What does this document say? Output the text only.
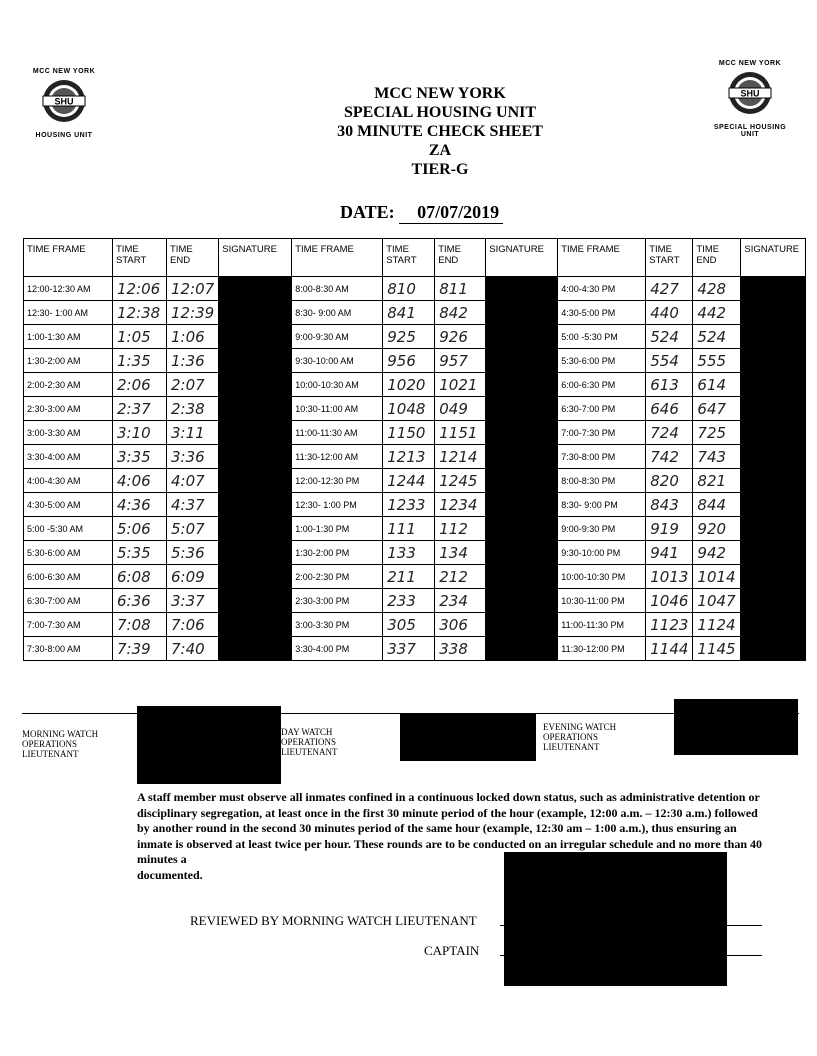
MCC NEW YORK
SHU
HOUSING UNIT
MCC NEW YORK
SHU
SPECIAL HOUSING UNIT
MCC NEW YORK
SPECIAL HOUSING UNIT
30 MINUTE CHECK SHEET
ZA
TIER-G
DATE: 07/07/2019
TIME FRAME	TIME START	TIME END	SIGNATURE	TIME FRAME	TIME START	TIME END	SIGNATURE	TIME FRAME	TIME START	TIME END	SIGNATURE
12:00-12:30 AM	12:06	12:07		8:00-8:30 AM	810	811		4:00-4:30 PM	427	428	
12:30- 1:00 AM	12:38	12:39		8:30- 9:00 AM	841	842		4:30-5:00 PM	440	442	
1:00-1:30 AM	1:05	1:06		9:00-9:30 AM	925	926		5:00 -5:30 PM	524	524	
1:30-2:00 AM	1:35	1:36		9:30-10:00 AM	956	957		5:30-6:00 PM	554	555	
2:00-2:30 AM	2:06	2:07		10:00-10:30 AM	1020	1021		6:00-6:30 PM	613	614	
2:30-3:00 AM	2:37	2:38		10:30-11:00 AM	1048	049		6:30-7:00 PM	646	647	
3:00-3:30 AM	3:10	3:11		11:00-11:30 AM	1150	1151		7:00-7:30 PM	724	725	
3:30-4:00 AM	3:35	3:36		11:30-12:00 AM	1213	1214		7:30-8:00 PM	742	743	
4:00-4:30 AM	4:06	4:07		12:00-12:30 PM	1244	1245		8:00-8:30 PM	820	821	
4:30-5:00 AM	4:36	4:37		12:30- 1:00 PM	1233	1234		8:30- 9:00 PM	843	844	
5:00 -5:30 AM	5:06	5:07		1:00-1:30 PM	111	112		9:00-9:30 PM	919	920	
5:30-6:00 AM	5:35	5:36		1:30-2:00 PM	133	134		9:30-10:00 PM	941	942	
6:00-6:30 AM	6:08	6:09		2:00-2:30 PM	211	212		10:00-10:30 PM	1013	1014	
6:30-7:00 AM	6:36	3:37		2:30-3:00 PM	233	234		10:30-11:00 PM	1046	1047	
7:00-7:30 AM	7:08	7:06		3:00-3:30 PM	305	306		11:00-11:30 PM	1123	1124	
7:30-8:00 AM	7:39	7:40		3:30-4:00 PM	337	338		11:30-12:00 PM	1144	1145	
MORNING WATCH OPERATIONS LIEUTENANT
DAY WATCH OPERATIONS LIEUTENANT
EVENING WATCH OPERATIONS LIEUTENANT
A staff member must observe all inmates confined in a continuous locked down status, such as administrative detention or disciplinary segregation, at least once in the first 30 minute period of the hour (example, 12:00 a.m. – 12:30 a.m.) followed by another round in the second 30 minutes period of the same hour (example, 12:30 am – 1:00 a.m.), thus ensuring an inmate is observed at least twice per hour. These rounds are to be conducted on an irregular schedule and no more than 40 minutes a
documented.
REVIEWED BY MORNING WATCH LIEUTENANT
CAPTAIN
